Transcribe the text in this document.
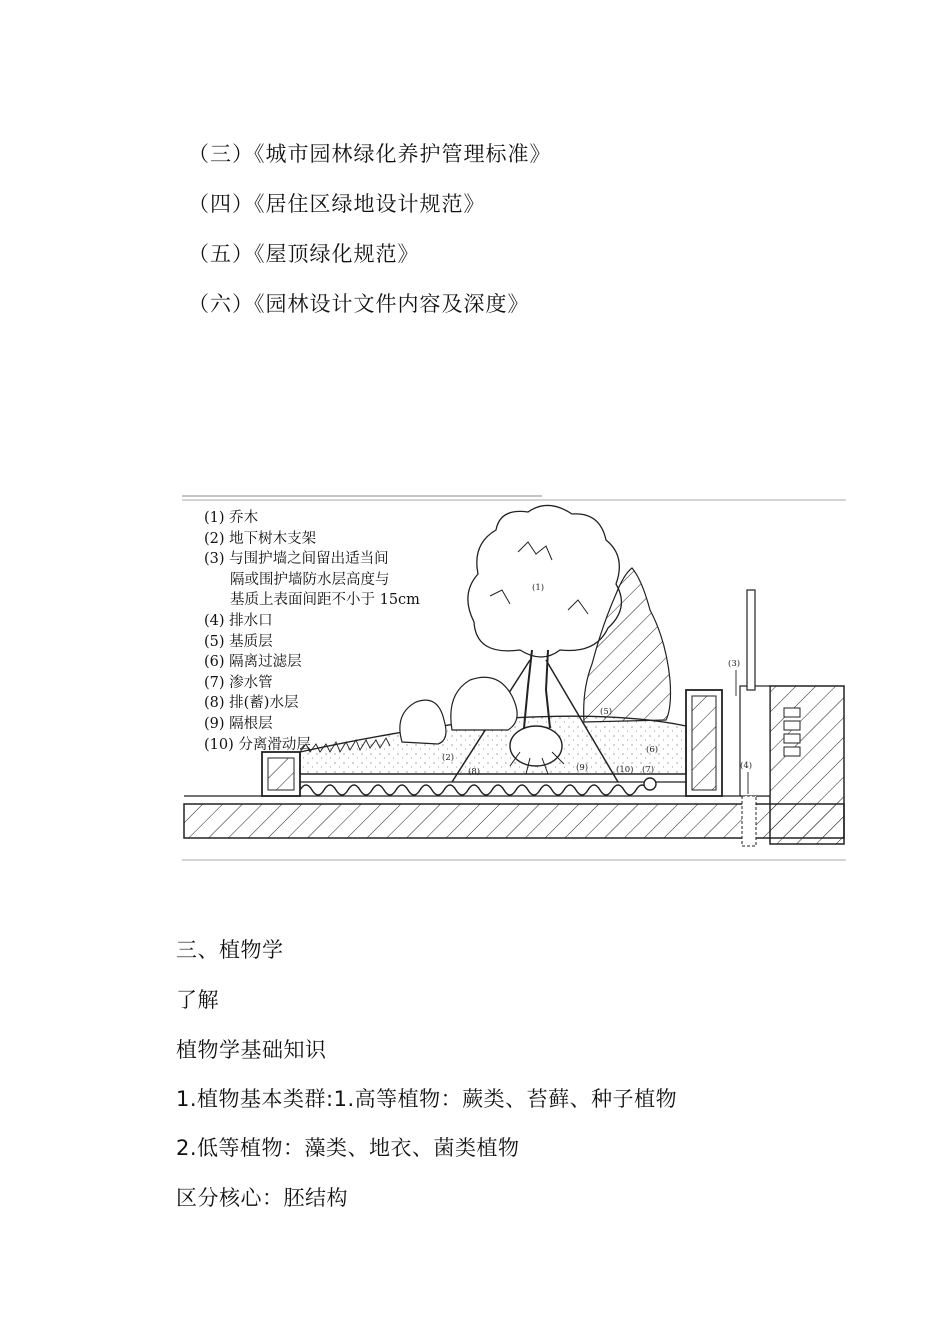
（三）《城市园林绿化养护管理标准》
（四）《居住区绿地设计规范》
（五）《屋顶绿化规范》
（六）《园林设计文件内容及深度》
(1)
(2)
(3)
(4)
(5)
(6)
(7)
(8)	(9)	(10)
(1) 乔木
(2) 地下树木支架
(3) 与围护墙之间留出适当间
隔或围护墙防水层高度与
基质上表面间距不小于 15cm
(4) 排水口
(5) 基质层
(6) 隔离过滤层
(7) 渗水管
(8) 排(蓄)水层
(9) 隔根层
(10) 分离滑动层
三、植物学
了解
植物学基础知识
1.植物基本类群:1.高等植物：蕨类、苔藓、种子植物
2.低等植物：藻类、地衣、菌类植物
区分核心：胚结构
